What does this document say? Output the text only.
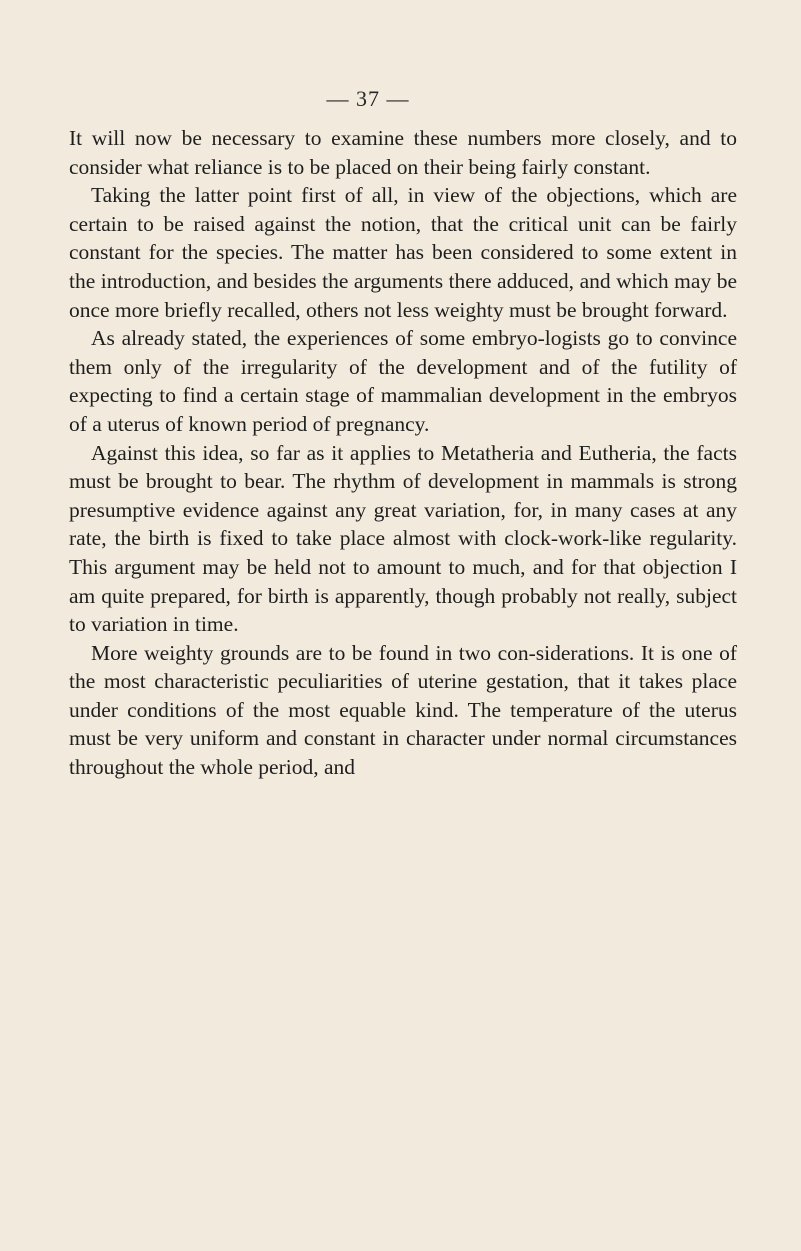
— 37 —

It will now be necessary to examine these numbers more closely, and to consider what reliance is to be placed on their being fairly constant.

Taking the latter point first of all, in view of the objections, which are certain to be raised against the notion, that the critical unit can be fairly constant for the species. The matter has been considered to some extent in the introduction, and besides the arguments there adduced, and which may be once more briefly recalled, others not less weighty must be brought forward.

As already stated, the experiences of some embryo-logists go to convince them only of the irregularity of the development and of the futility of expecting to find a certain stage of mammalian development in the embryos of a uterus of known period of pregnancy.

Against this idea, so far as it applies to Metatheria and Eutheria, the facts must be brought to bear. The rhythm of development in mammals is strong presumptive evidence against any great variation, for, in many cases at any rate, the birth is fixed to take place almost with clock-work-like regularity. This argument may be held not to amount to much, and for that objection I am quite prepared, for birth is apparently, though probably not really, subject to variation in time.

More weighty grounds are to be found in two con-siderations. It is one of the most characteristic peculiarities of uterine gestation, that it takes place under conditions of the most equable kind. The temperature of the uterus must be very uniform and constant in character under normal circumstances throughout the whole period, and
